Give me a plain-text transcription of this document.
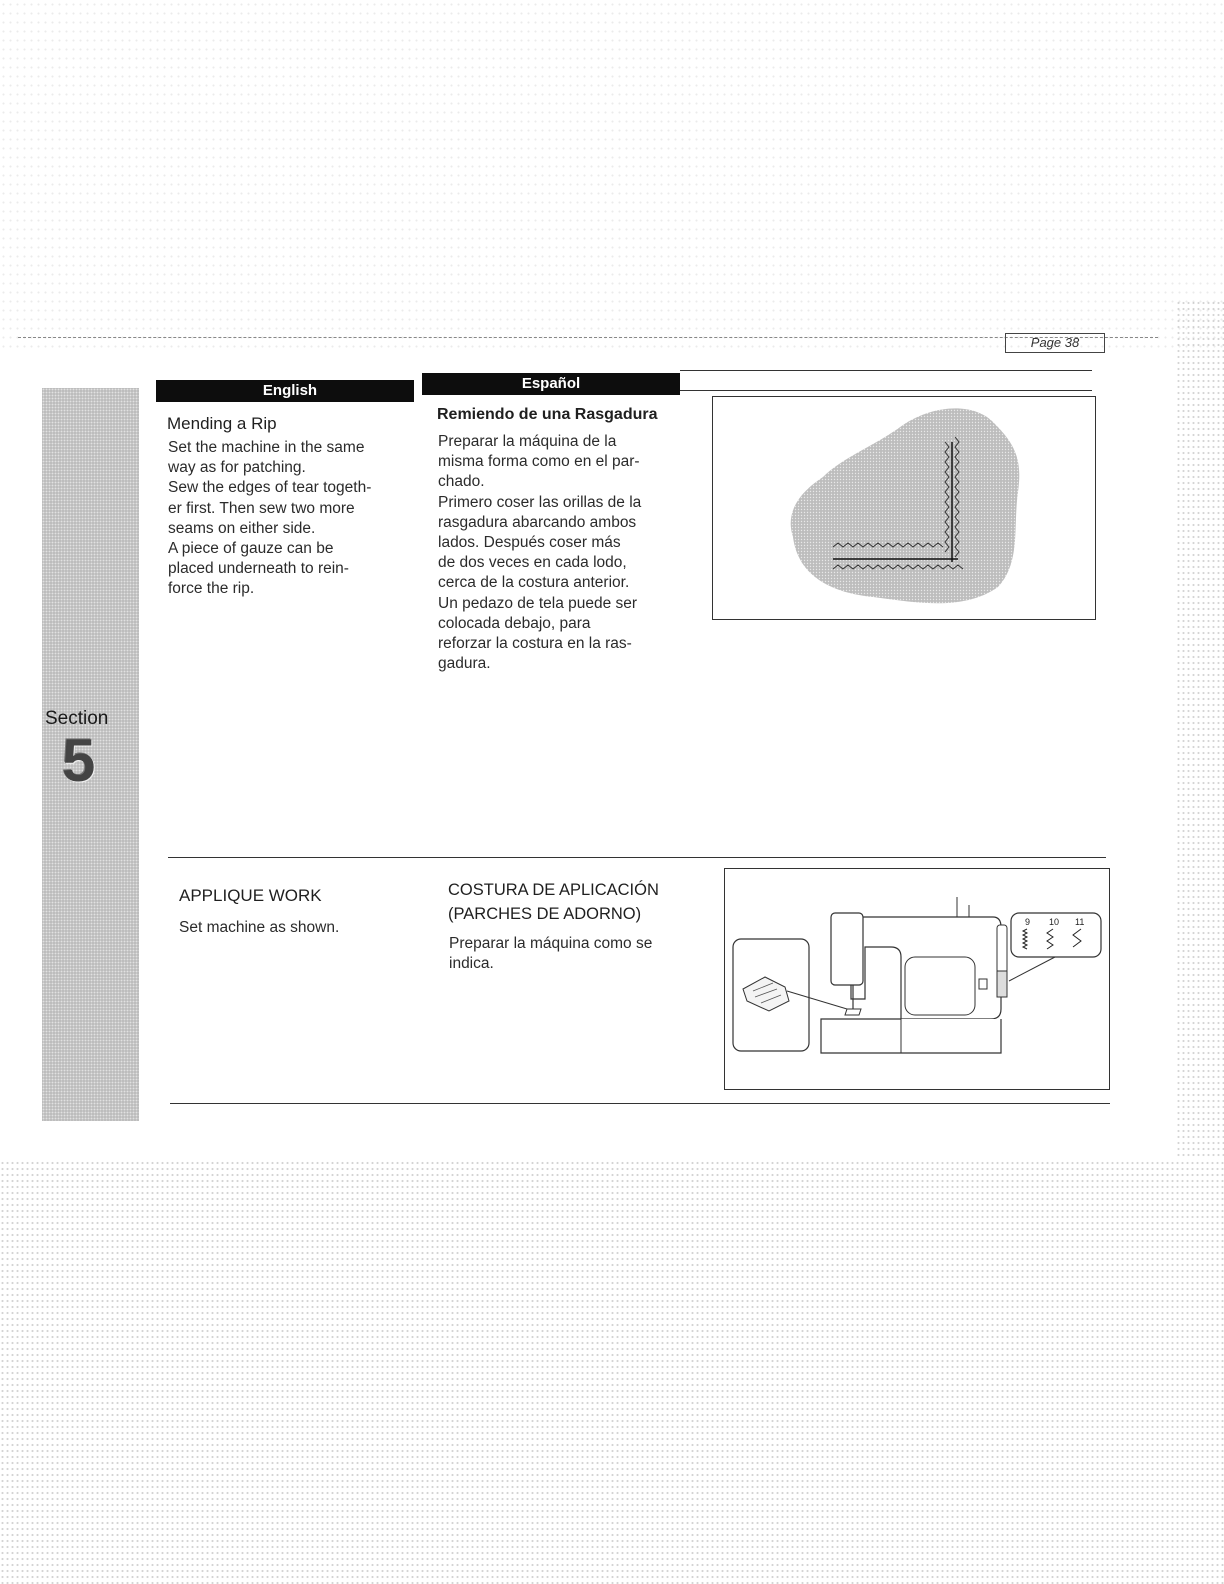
Page 38
Section
5
English	Español
Mending a Rip
Set the machine in the same
way as for patching.
Sew the edges of tear togeth-
er first. Then sew two more
seams on either side.
A piece of gauze can be
placed underneath to rein-
force the rip.
Remiendo de una Rasgadura
Preparar la máquina de la
misma forma como en el par-
chado.
Primero coser las orillas de la
rasgadura abarcando ambos
lados. Después coser más
de dos veces en cada lodo,
cerca de la costura anterior.
Un pedazo de tela puede ser
colocada debajo, para
reforzar la costura en la ras-
gadura.
APPLIQUE WORK
Set machine as shown.
COSTURA DE APLICACIÓN
(PARCHES DE ADORNO)
Preparar la máquina como se
indica.
9 10 11
